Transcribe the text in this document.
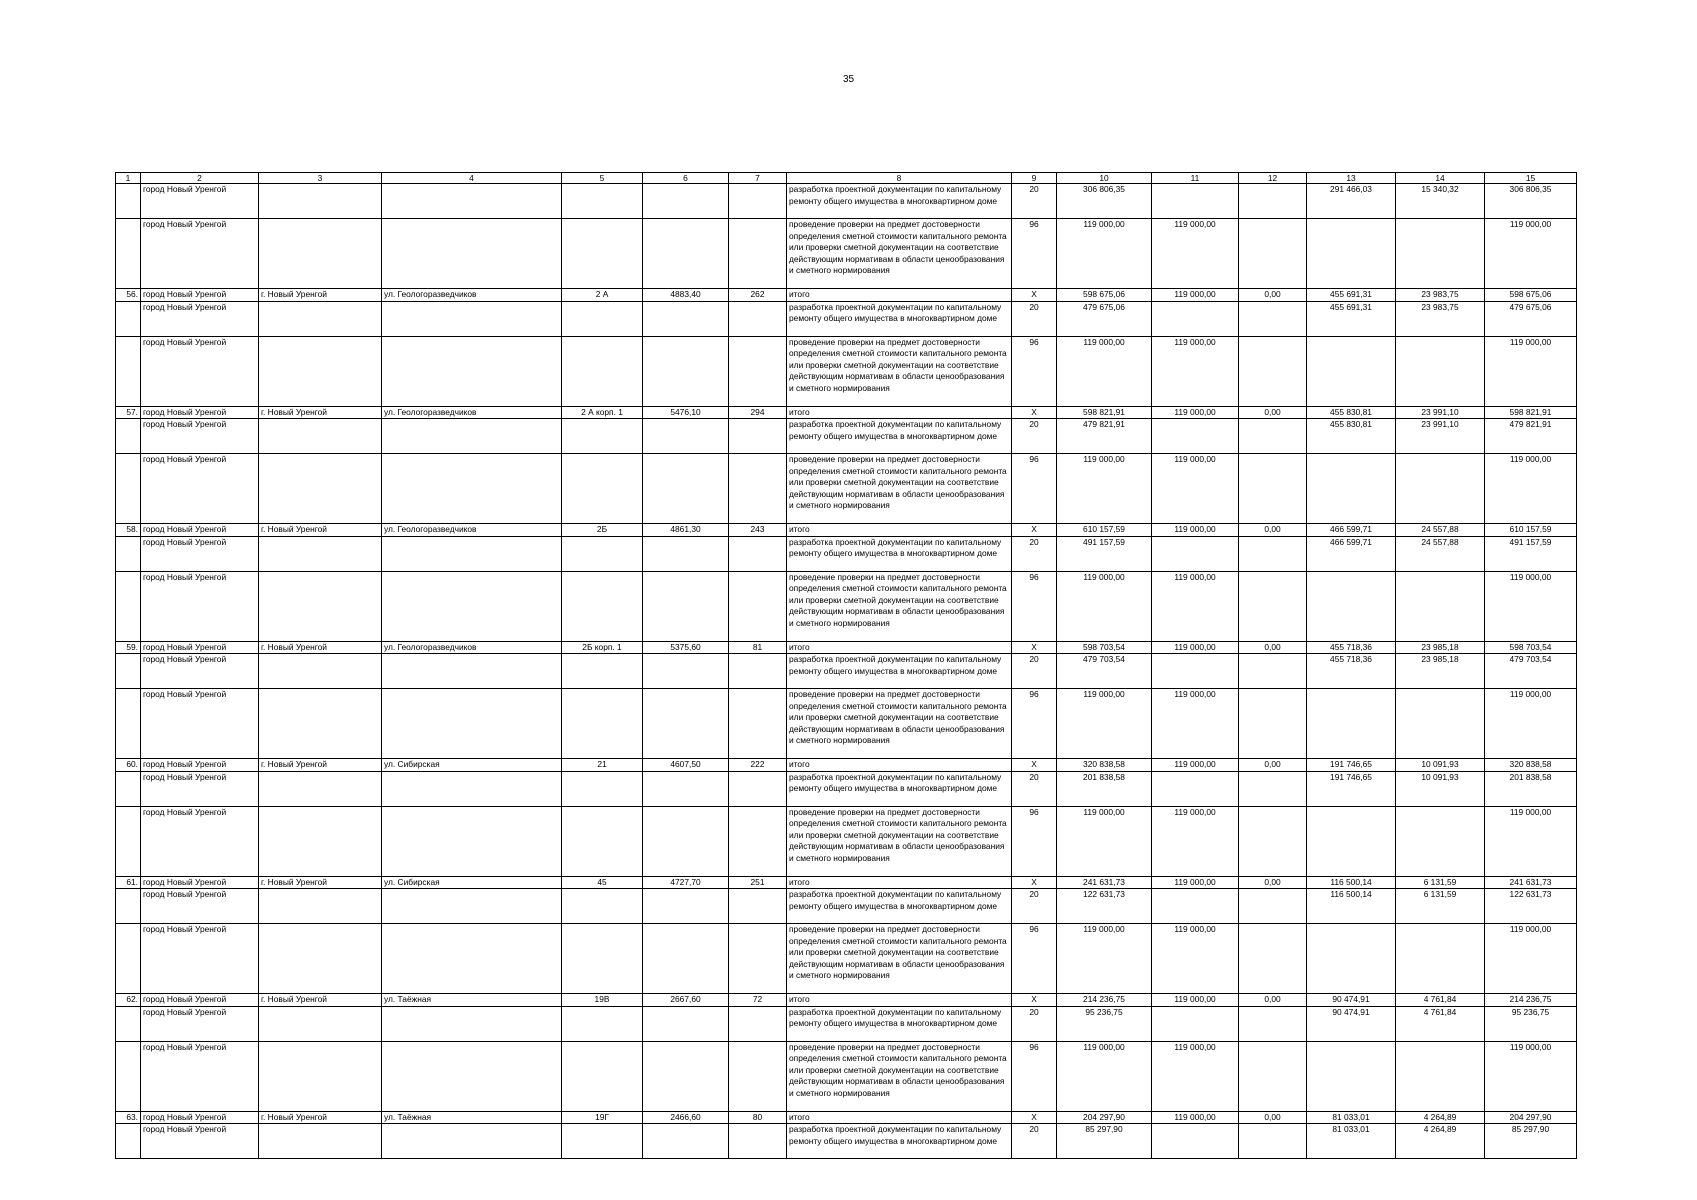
35
1	2	3	4	5	6	7	8	9	10	11	12	13	14	15
	город Новый Уренгой						разработка проектной документации по капитальному ремонту общего имущества в многоквартирном доме	20	306 806,35			291 466,03	15 340,32	306 806,35
	город Новый Уренгой						проведение проверки на предмет достоверности определения сметной стоимости капитального ремонта или проверки сметной документации на соответствие действующим нормативам в области ценообразования и сметного нормирования	96	119 000,00	119 000,00				119 000,00
56.	город Новый Уренгой	г. Новый Уренгой	ул. Геологоразведчиков	2 А	4883,40	262	итого	Х	598 675,06	119 000,00	0,00	455 691,31	23 983,75	598 675,06
	город Новый Уренгой						разработка проектной документации по капитальному ремонту общего имущества в многоквартирном доме	20	479 675,06			455 691,31	23 983,75	479 675,06
	город Новый Уренгой						проведение проверки на предмет достоверности определения сметной стоимости капитального ремонта или проверки сметной документации на соответствие действующим нормативам в области ценообразования и сметного нормирования	96	119 000,00	119 000,00				119 000,00
57.	город Новый Уренгой	г. Новый Уренгой	ул. Геологоразведчиков	2 А корп. 1	5476,10	294	итого	Х	598 821,91	119 000,00	0,00	455 830,81	23 991,10	598 821,91
	город Новый Уренгой						разработка проектной документации по капитальному ремонту общего имущества в многоквартирном доме	20	479 821,91			455 830,81	23 991,10	479 821,91
	город Новый Уренгой						проведение проверки на предмет достоверности определения сметной стоимости капитального ремонта или проверки сметной документации на соответствие действующим нормативам в области ценообразования и сметного нормирования	96	119 000,00	119 000,00				119 000,00
58.	город Новый Уренгой	г. Новый Уренгой	ул. Геологоразведчиков	2Б	4861,30	243	итого	Х	610 157,59	119 000,00	0,00	466 599,71	24 557,88	610 157,59
	город Новый Уренгой						разработка проектной документации по капитальному ремонту общего имущества в многоквартирном доме	20	491 157,59			466 599,71	24 557,88	491 157,59
	город Новый Уренгой						проведение проверки на предмет достоверности определения сметной стоимости капитального ремонта или проверки сметной документации на соответствие действующим нормативам в области ценообразования и сметного нормирования	96	119 000,00	119 000,00				119 000,00
59.	город Новый Уренгой	г. Новый Уренгой	ул. Геологоразведчиков	2Б корп. 1	5375,60	81	итого	Х	598 703,54	119 000,00	0,00	455 718,36	23 985,18	598 703,54
	город Новый Уренгой						разработка проектной документации по капитальному ремонту общего имущества в многоквартирном доме	20	479 703,54			455 718,36	23 985,18	479 703,54
	город Новый Уренгой						проведение проверки на предмет достоверности определения сметной стоимости капитального ремонта или проверки сметной документации на соответствие действующим нормативам в области ценообразования и сметного нормирования	96	119 000,00	119 000,00				119 000,00
60.	город Новый Уренгой	г. Новый Уренгой	ул. Сибирская	21	4607,50	222	итого	Х	320 838,58	119 000,00	0,00	191 746,65	10 091,93	320 838,58
	город Новый Уренгой						разработка проектной документации по капитальному ремонту общего имущества в многоквартирном доме	20	201 838,58			191 746,65	10 091,93	201 838,58
	город Новый Уренгой						проведение проверки на предмет достоверности определения сметной стоимости капитального ремонта или проверки сметной документации на соответствие действующим нормативам в области ценообразования и сметного нормирования	96	119 000,00	119 000,00				119 000,00
61.	город Новый Уренгой	г. Новый Уренгой	ул. Сибирская	45	4727,70	251	итого	Х	241 631,73	119 000,00	0,00	116 500,14	6 131,59	241 631,73
	город Новый Уренгой						разработка проектной документации по капитальному ремонту общего имущества в многоквартирном доме	20	122 631,73			116 500,14	6 131,59	122 631,73
	город Новый Уренгой						проведение проверки на предмет достоверности определения сметной стоимости капитального ремонта или проверки сметной документации на соответствие действующим нормативам в области ценообразования и сметного нормирования	96	119 000,00	119 000,00				119 000,00
62.	город Новый Уренгой	г. Новый Уренгой	ул. Таёжная	19В	2667,60	72	итого	Х	214 236,75	119 000,00	0,00	90 474,91	4 761,84	214 236,75
	город Новый Уренгой						разработка проектной документации по капитальному ремонту общего имущества в многоквартирном доме	20	95 236,75			90 474,91	4 761,84	95 236,75
	город Новый Уренгой						проведение проверки на предмет достоверности определения сметной стоимости капитального ремонта или проверки сметной документации на соответствие действующим нормативам в области ценообразования и сметного нормирования	96	119 000,00	119 000,00				119 000,00
63.	город Новый Уренгой	г. Новый Уренгой	ул. Таёжная	19Г	2466,60	80	итого	Х	204 297,90	119 000,00	0,00	81 033,01	4 264,89	204 297,90
	город Новый Уренгой						разработка проектной документации по капитальному ремонту общего имущества в многоквартирном доме	20	85 297,90			81 033,01	4 264,89	85 297,90
